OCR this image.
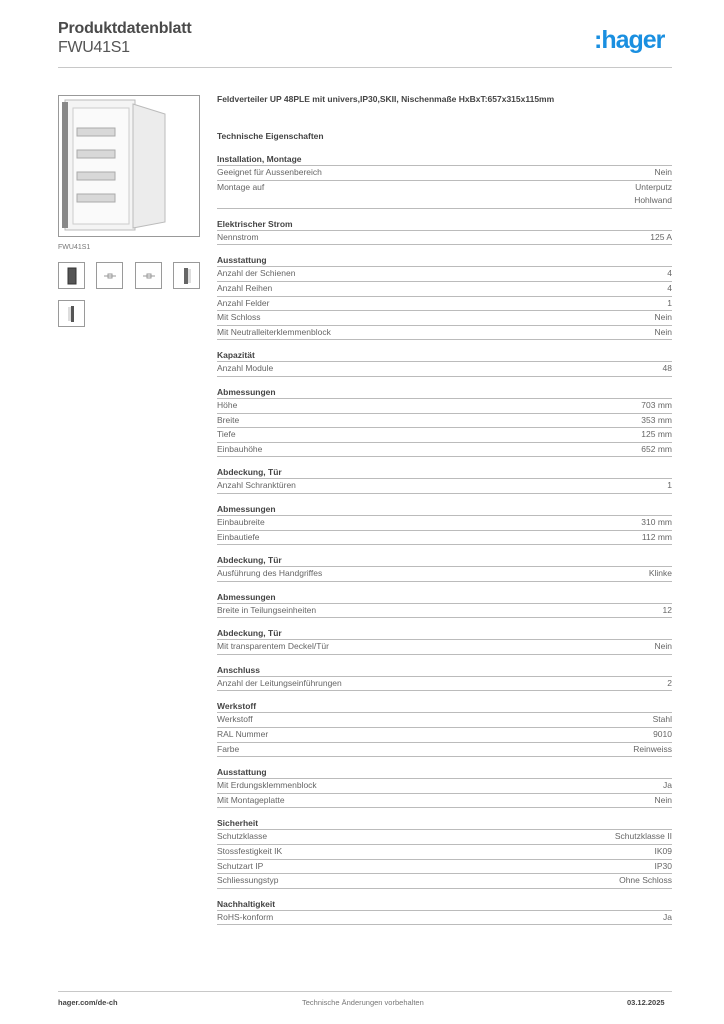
Produktdatenblatt
FWU41S1	:hager
FWU41S1
Feldverteiler UP 48PLE mit univers,IP30,SKII, Nischenmaße HxBxT:657x315x115mm
Technische Eigenschaften
Installation, Montage
Geeignet für Aussenbereich	Nein
Montage auf	Unterputz
Hohlwand
Elektrischer Strom
Nennstrom	125 A
Ausstattung
Anzahl der Schienen	4
Anzahl Reihen	4
Anzahl Felder	1
Mit Schloss	Nein
Mit Neutralleiterklemmenblock	Nein
Kapazität
Anzahl Module	48
Abmessungen
Höhe	703 mm
Breite	353 mm
Tiefe	125 mm
Einbauhöhe	652 mm
Abdeckung, Tür
Anzahl Schranktüren	1
Abmessungen
Einbaubreite	310 mm
Einbautiefe	112 mm
Abdeckung, Tür
Ausführung des Handgriffes	Klinke
Abmessungen
Breite in Teilungseinheiten	12
Abdeckung, Tür
Mit transparentem Deckel/Tür	Nein
Anschluss
Anzahl der Leitungseinführungen	2
Werkstoff
Werkstoff	Stahl
RAL Nummer	9010
Farbe	Reinweiss
Ausstattung
Mit Erdungsklemmenblock	Ja
Mit Montageplatte	Nein
Sicherheit
Schutzklasse	Schutzklasse II
Stossfestigkeit IK	IK09
Schutzart IP	IP30
Schliessungstyp	Ohne Schloss
Nachhaltigkeit
RoHS-konform	Ja
hager.com/de-ch	Technische Änderungen vorbehalten	03.12.2025
